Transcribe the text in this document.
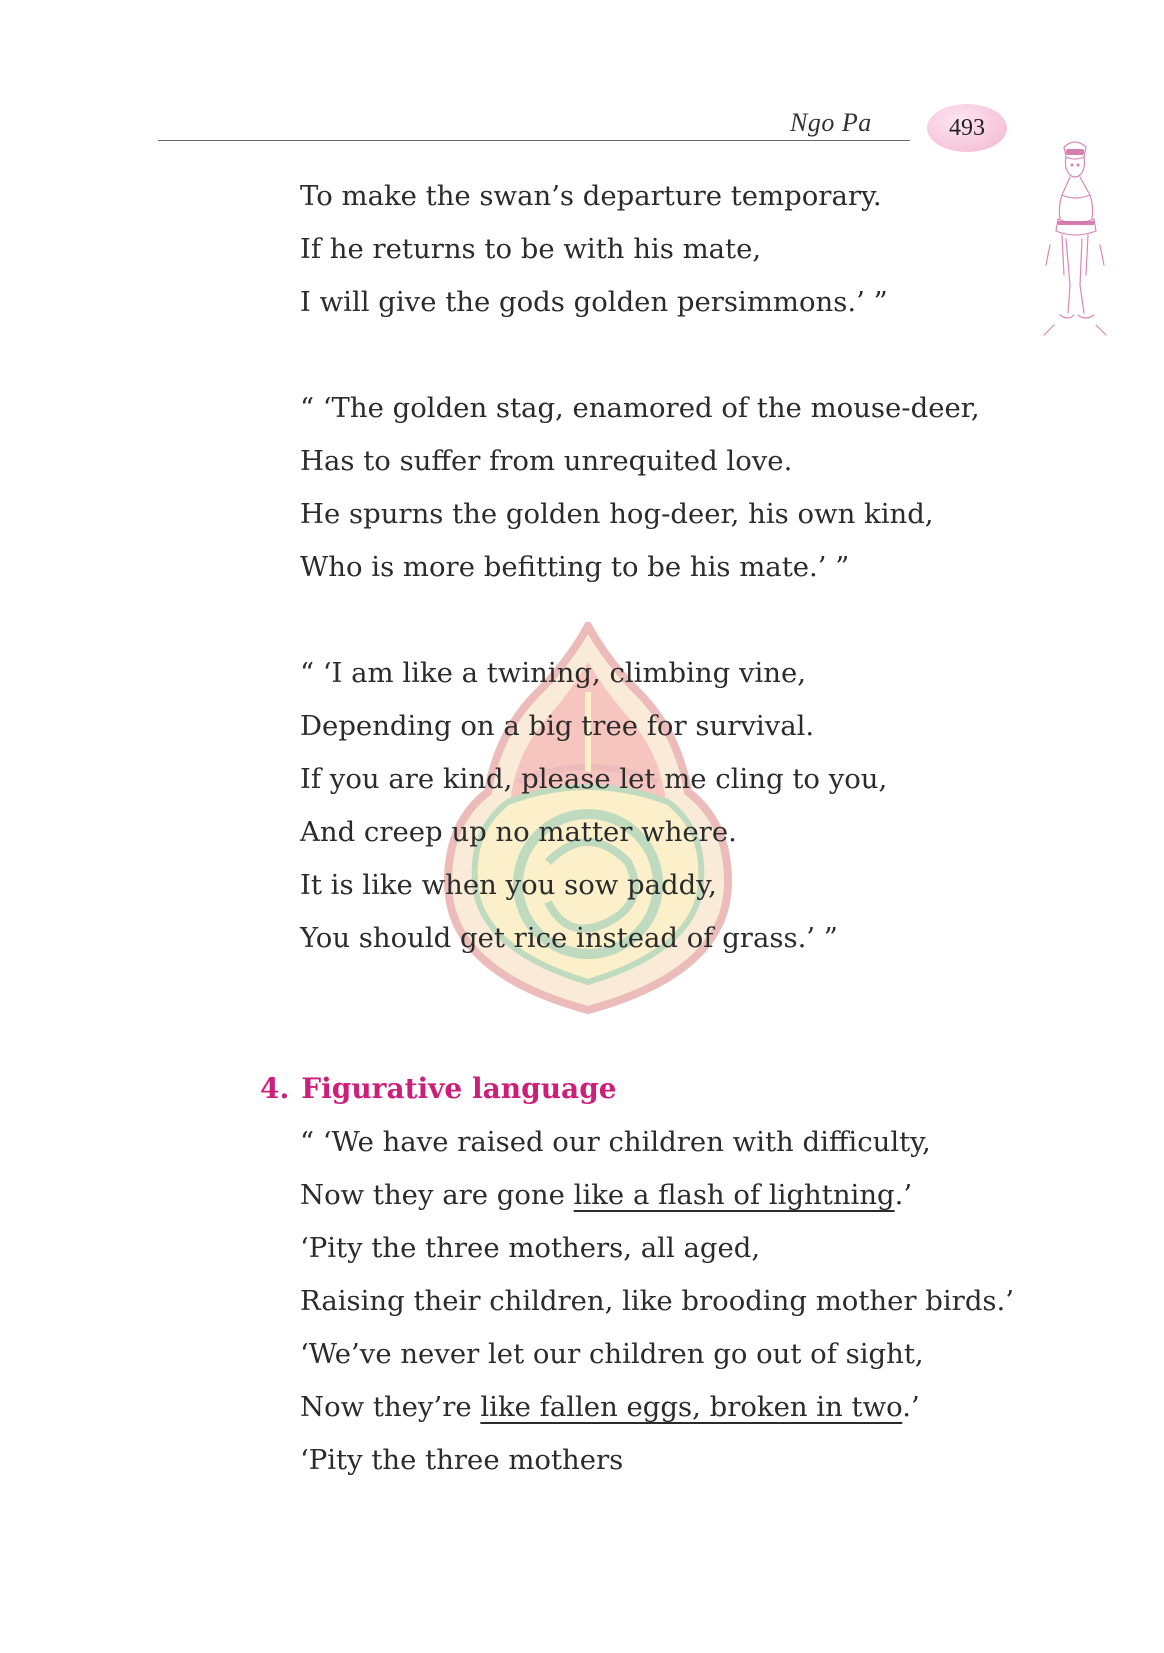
Ngo Pa	493

To make the swan’s departure temporary.

If he returns to be with his mate,

I will give the gods golden persimmons.’ ”

“ ‘The golden stag, enamored of the mouse-deer,

Has to suffer from unrequited love.

He spurns the golden hog-deer, his own kind,

Who is more befitting to be his mate.’ ”

“ ‘I am like a twining, climbing vine,

Depending on a big tree for survival.

If you are kind, please let me cling to you,

And creep up no matter where.

It is like when you sow paddy,

You should get rice instead of grass.’ ”

4. Figurative language

“ ‘We have raised our children with difficulty,

Now they are gone like a flash of lightning.’

‘Pity the three mothers, all aged,

Raising their children, like brooding mother birds.’

‘We’ve never let our children go out of sight,

Now they’re like fallen eggs, broken in two.’

‘Pity the three mothers
